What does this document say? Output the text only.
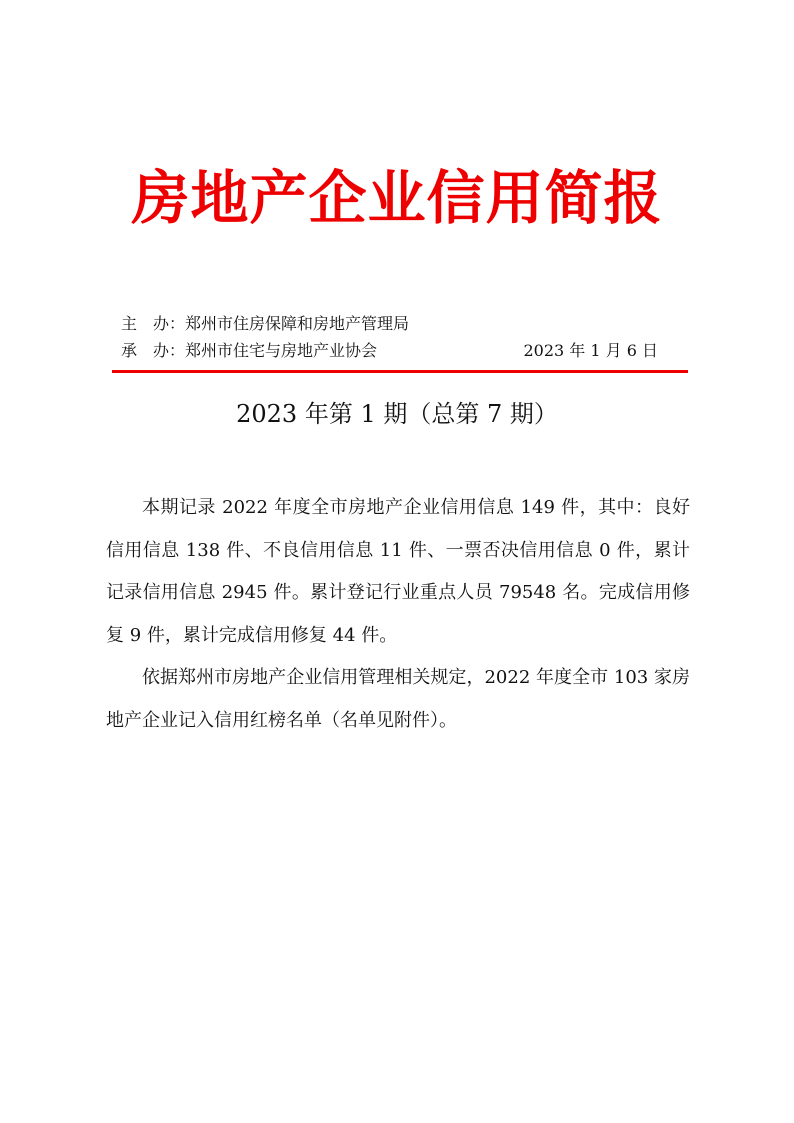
房地产企业信用简报
主　办：郑州市住房保障和房地产管理局
承　办：郑州市住宅与房地产业协会	2023 年 1 月 6 日
2023 年第 1 期（总第 7 期）

本期记录 2022 年度全市房地产企业信用信息 149 件，其中：良好信用信息 138 件、不良信用信息 11 件、一票否决信用信息 0 件，累计记录信用信息 2945 件。累计登记行业重点人员 79548 名。完成信用修复 9 件，累计完成信用修复 44 件。

依据郑州市房地产企业信用管理相关规定，2022 年度全市 103 家房地产企业记入信用红榜名单（名单见附件）。
